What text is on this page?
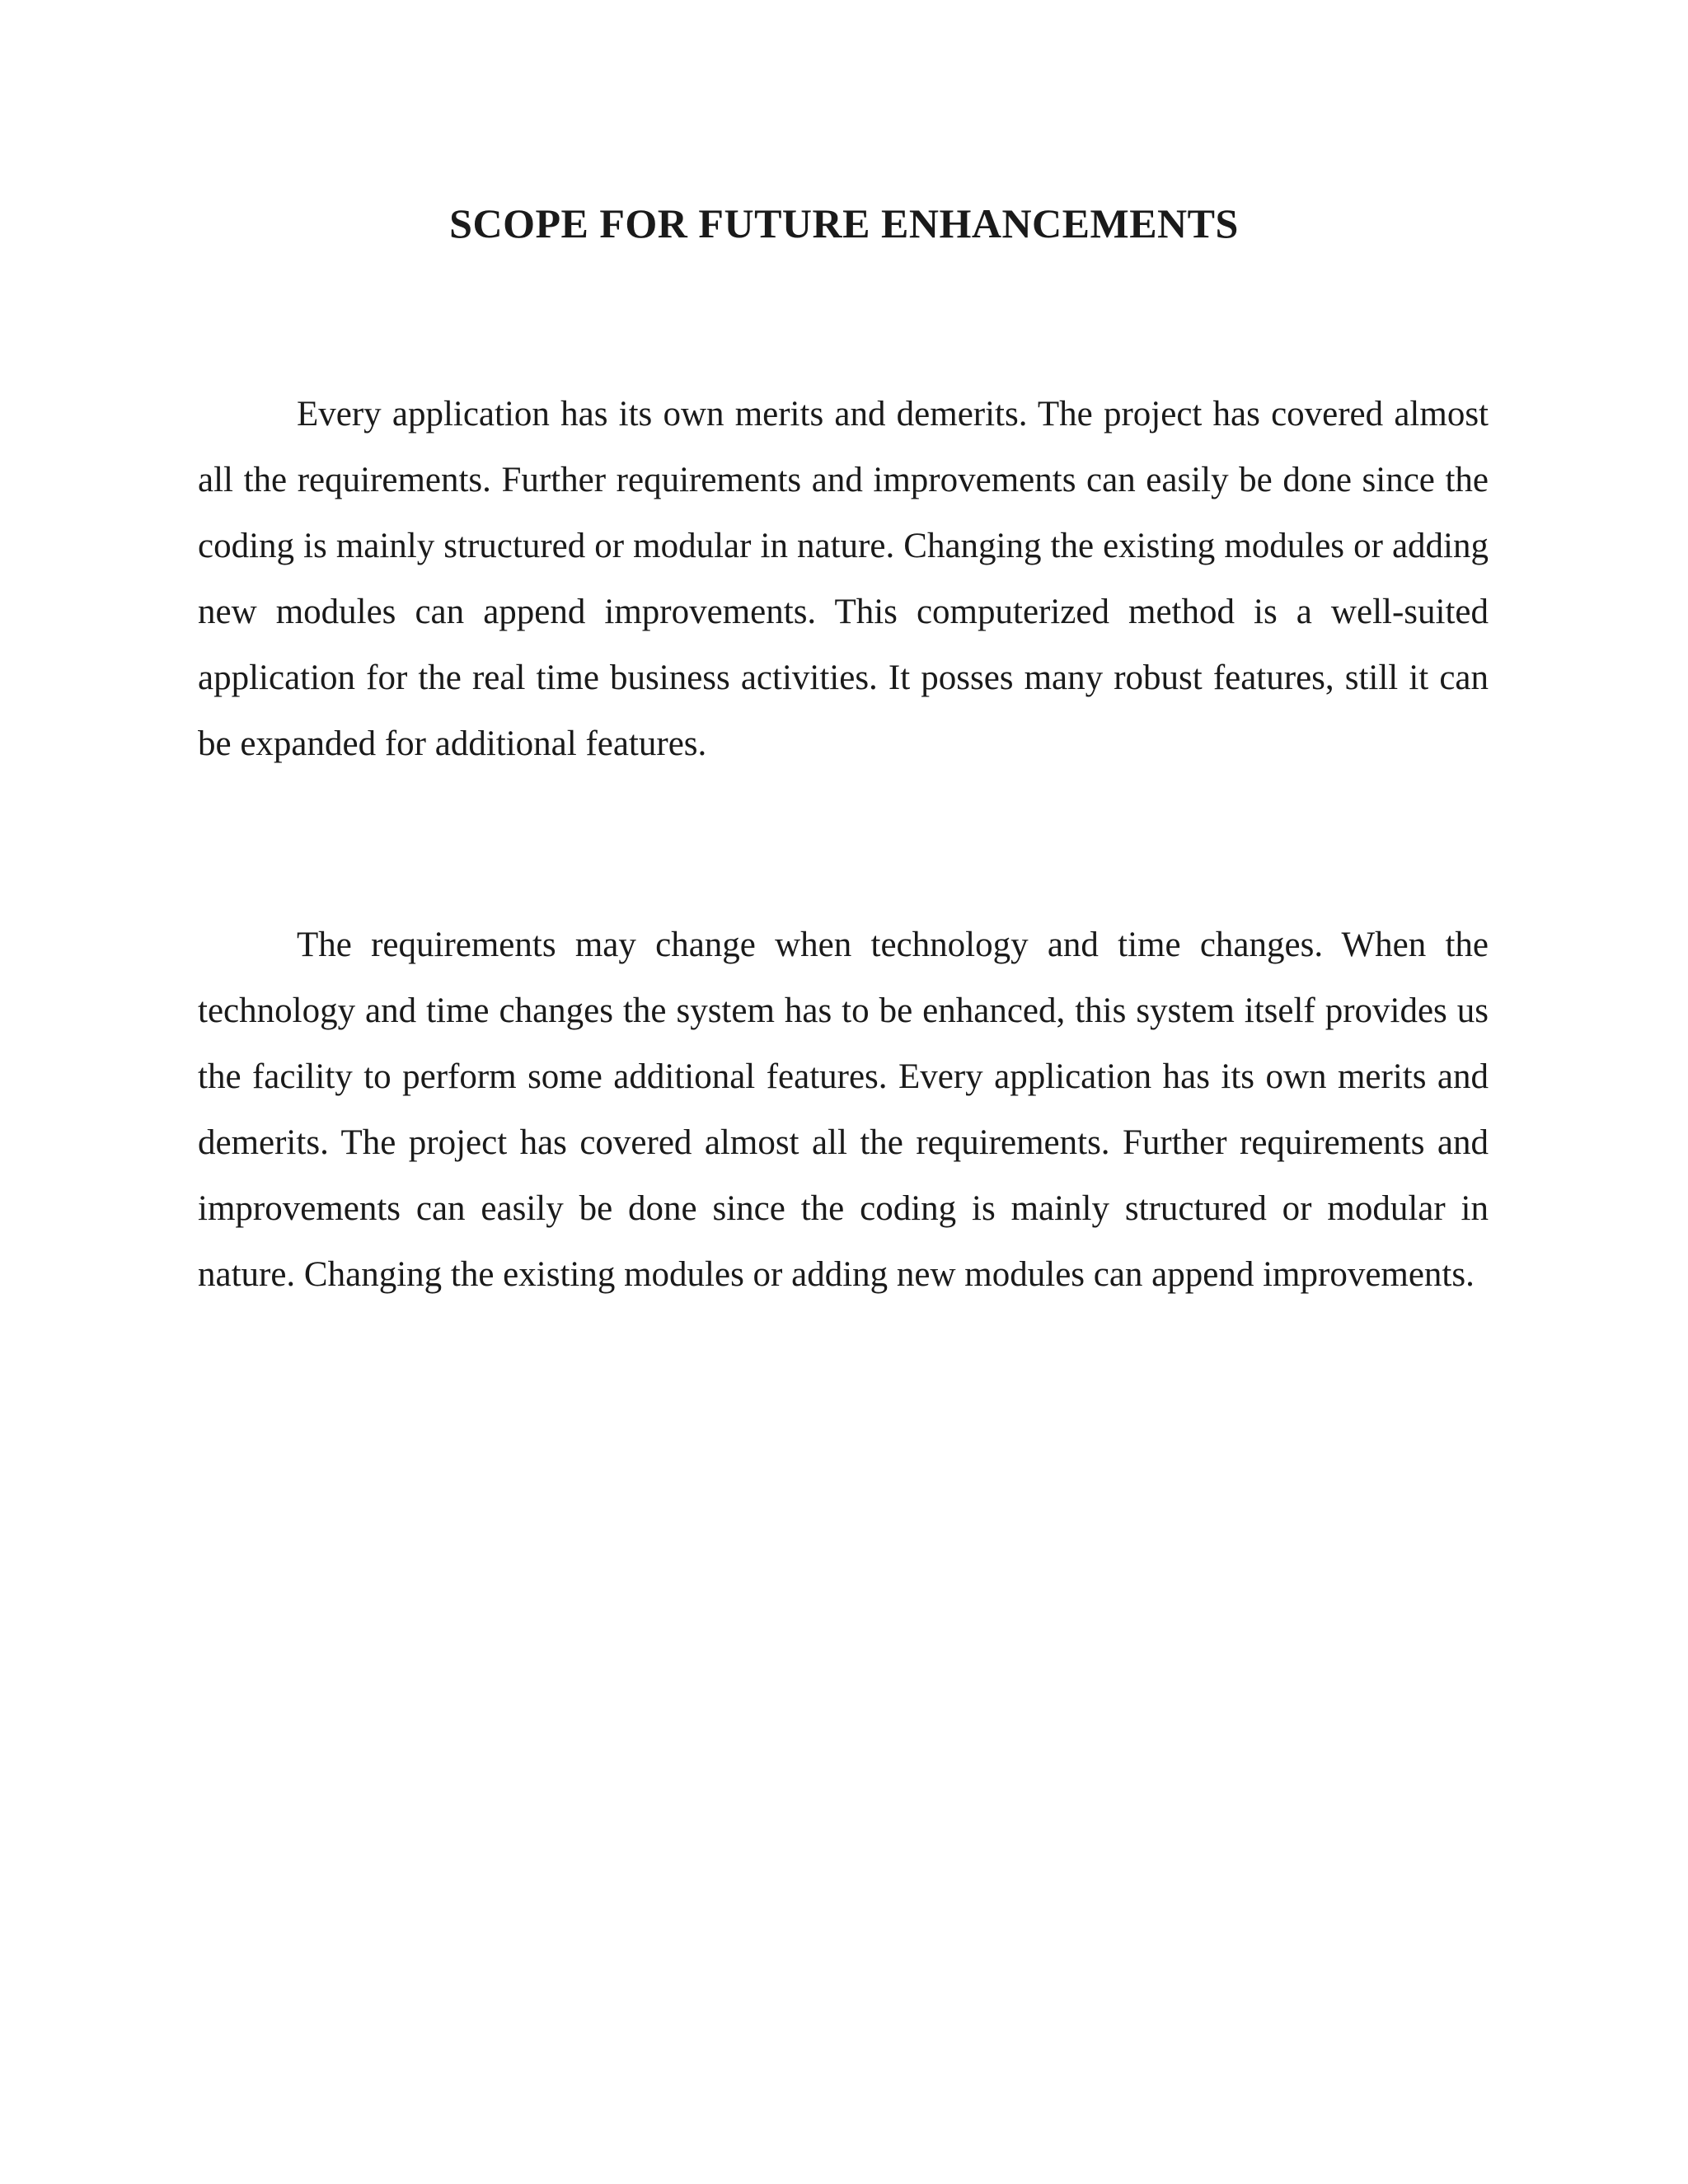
SCOPE FOR FUTURE ENHANCEMENTS

Every application has its own merits and demerits. The project has covered almost all the requirements. Further requirements and improvements can easily be done since the coding is mainly structured or modular in nature. Changing the existing modules or adding new modules can append improvements. This computerized method is a well-suited application for the real time business activities. It posses many robust features, still it can be expanded for additional features.

The requirements may change when technology and time changes. When the technology and time changes the system has to be enhanced, this system itself provides us the facility to perform some additional features. Every application has its own merits and demerits. The project has covered almost all the requirements. Further requirements and improvements can easily be done since the coding is mainly structured or modular in nature. Changing the existing modules or adding new modules can append improvements.
